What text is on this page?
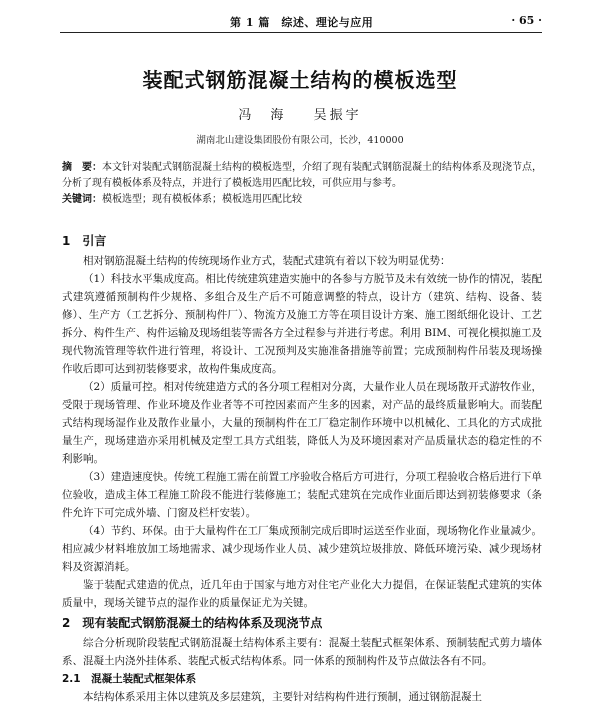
第 1 篇　综述、理论与应用	· 65 ·
装配式钢筋混凝土结构的模板选型
冯　海 吴振宇
湖南北山建设集团股份有限公司，长沙，410000

摘　要：本文针对装配式钢筋混凝土结构的模板选型，介绍了现有装配式钢筋混凝土的结构体系及现浇节点，分析了现有模板体系及特点，并进行了模板选用匹配比较，可供应用与参考。

关键词：模板选型；现有模板体系；模板选用匹配比较

1　引言

相对钢筋混凝土结构的传统现场作业方式，装配式建筑有着以下较为明显优势：

（1）科技水平集成度高。相比传统建筑建造实施中的各参与方脱节及未有效统一协作的情况，装配式建筑遵循预制构件少规格、多组合及生产后不可随意调整的特点，设计方（建筑、结构、设备、装修）、生产方（工艺拆分、预制构件厂）、物流方及施工方等在项目设计方案、施工图纸细化设计、工艺拆分、构件生产、构件运输及现场组装等需各方全过程参与并进行考虑。利用 BIM、可视化模拟施工及现代物流管理等软件进行管理，将设计、工况预判及实施准备措施等前置；完成预制构件吊装及现场操作收后即可达到初装修要求，故构件集成度高。

（2）质量可控。相对传统建造方式的各分项工程相对分离，大量作业人员在现场散开式游牧作业，受限于现场管理、作业环境及作业者等不可控因素而产生多的因素，对产品的最终质量影响大。而装配式结构现场湿作业及散作业量小，大量的预制构件在工厂稳定制作环境中以机械化、工具化的方式成批量生产，现场建造亦采用机械及定型工具方式组装，降低人为及环境因素对产品质量状态的稳定性的不利影响。

（3）建造速度快。传统工程施工需在前置工序验收合格后方可进行，分项工程验收合格后进行下单位验收，造成主体工程施工阶段不能进行装修施工；装配式建筑在完成作业面后即达到初装修要求（条件允许下可完成外墙、门窗及栏杆安装）。

（4）节约、环保。由于大量构件在工厂集成预制完成后即时运送至作业面，现场物化作业量减少。相应减少材料堆放加工场地需求、减少现场作业人员、减少建筑垃圾排放、降低环境污染、减少现场材料及资源消耗。

鉴于装配式建造的优点，近几年由于国家与地方对住宅产业化大力提倡，在保证装配式建筑的实体质量中，现场关键节点的湿作业的质量保证尤为关键。

2　现有装配式钢筋混凝土的结构体系及现浇节点

综合分析现阶段装配式钢筋混凝土结构体系主要有：混凝土装配式框架体系、预制装配式剪力墙体系、混凝土内浇外挂体系、装配式板式结构体系。同一体系的预制构件及节点做法各有不同。

2.1　混凝土装配式框架体系

本结构体系采用主体以建筑及多层建筑，主要针对结构构件进行预制，通过钢筋混凝土
